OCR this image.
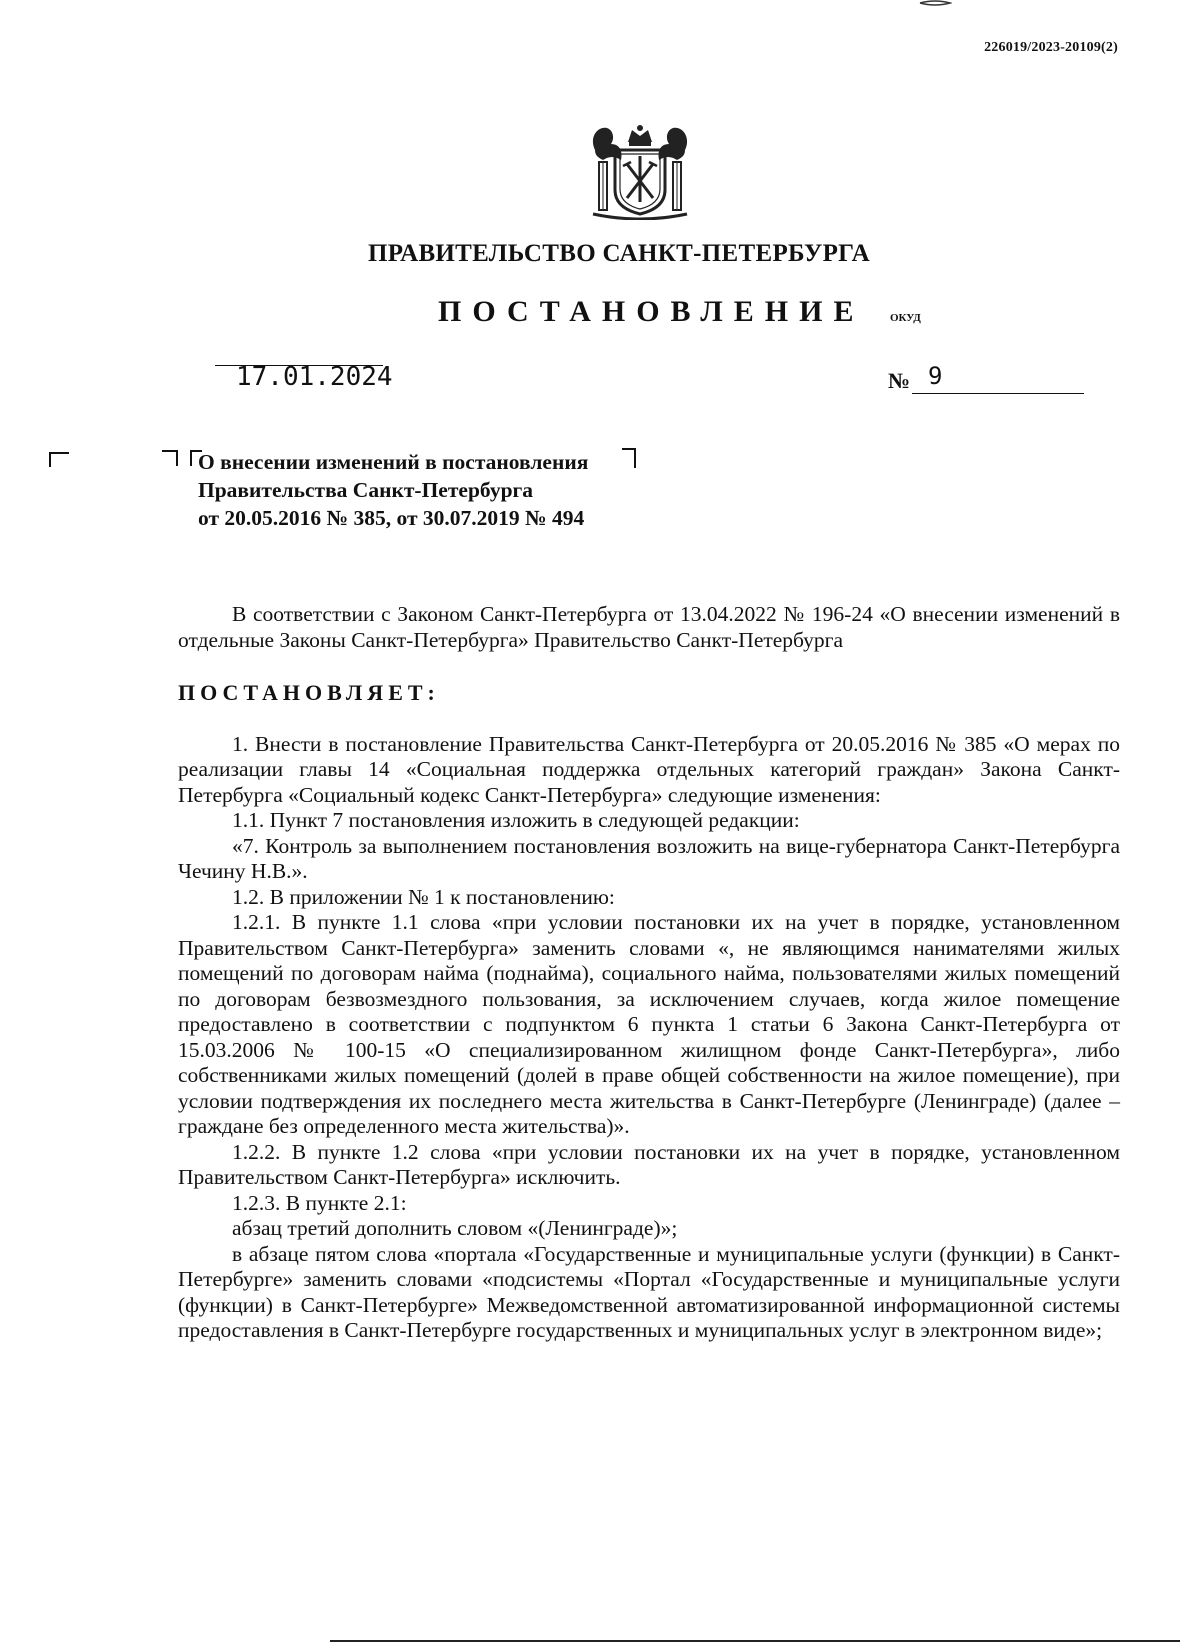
226019/2023-20109(2)
ПРАВИТЕЛЬСТВО САНКТ-ПЕТЕРБУРГА
ПОСТАНОВЛЕНИЕ ОКУД
17.01.2024	№ 9
О внесении изменений в постановления
Правительства Санкт-Петербурга
от 20.05.2016 № 385, от 30.07.2019 № 494

В соответствии с Законом Санкт-Петербурга от 13.04.2022 № 196-24 «О внесении изменений в отдельные Законы Санкт-Петербурга» Правительство Санкт-Петербурга

ПОСТАНОВЛЯЕТ:

1. Внести в постановление Правительства Санкт-Петербурга от 20.05.2016 № 385 «О мерах по реализации главы 14 «Социальная поддержка отдельных категорий граждан» Закона Санкт-Петербурга «Социальный кодекс Санкт-Петербурга» следующие изменения:

1.1. Пункт 7 постановления изложить в следующей редакции:

«7. Контроль за выполнением постановления возложить на вице-губернатора Санкт-Петербурга Чечину Н.В.».

1.2. В приложении № 1 к постановлению:

1.2.1. В пункте 1.1 слова «при условии постановки их на учет в порядке, установленном Правительством Санкт-Петербурга» заменить словами «, не являющимся нанимателями жилых помещений по договорам найма (поднайма), социального найма, пользователями жилых помещений по договорам безвозмездного пользования, за исключением случаев, когда жилое помещение предоставлено в соответствии с подпунктом 6 пункта 1 статьи 6 Закона Санкт-Петербурга от 15.03.2006 № 100-15 «О специализированном жилищном фонде Санкт-Петербурга», либо собственниками жилых помещений (долей в праве общей собственности на жилое помещение), при условии подтверждения их последнего места жительства в Санкт-Петербурге (Ленинграде) (далее – граждане без определенного места жительства)».

1.2.2. В пункте 1.2 слова «при условии постановки их на учет в порядке, установленном Правительством Санкт-Петербурга» исключить.

1.2.3. В пункте 2.1:

абзац третий дополнить словом «(Ленинграде)»;

в абзаце пятом слова «портала «Государственные и муниципальные услуги (функции) в Санкт-Петербурге» заменить словами «подсистемы «Портал «Государственные и муниципальные услуги (функции) в Санкт-Петербурге» Межведомственной автоматизированной информационной системы предоставления в Санкт-Петербурге государственных и муниципальных услуг в электронном виде»;
